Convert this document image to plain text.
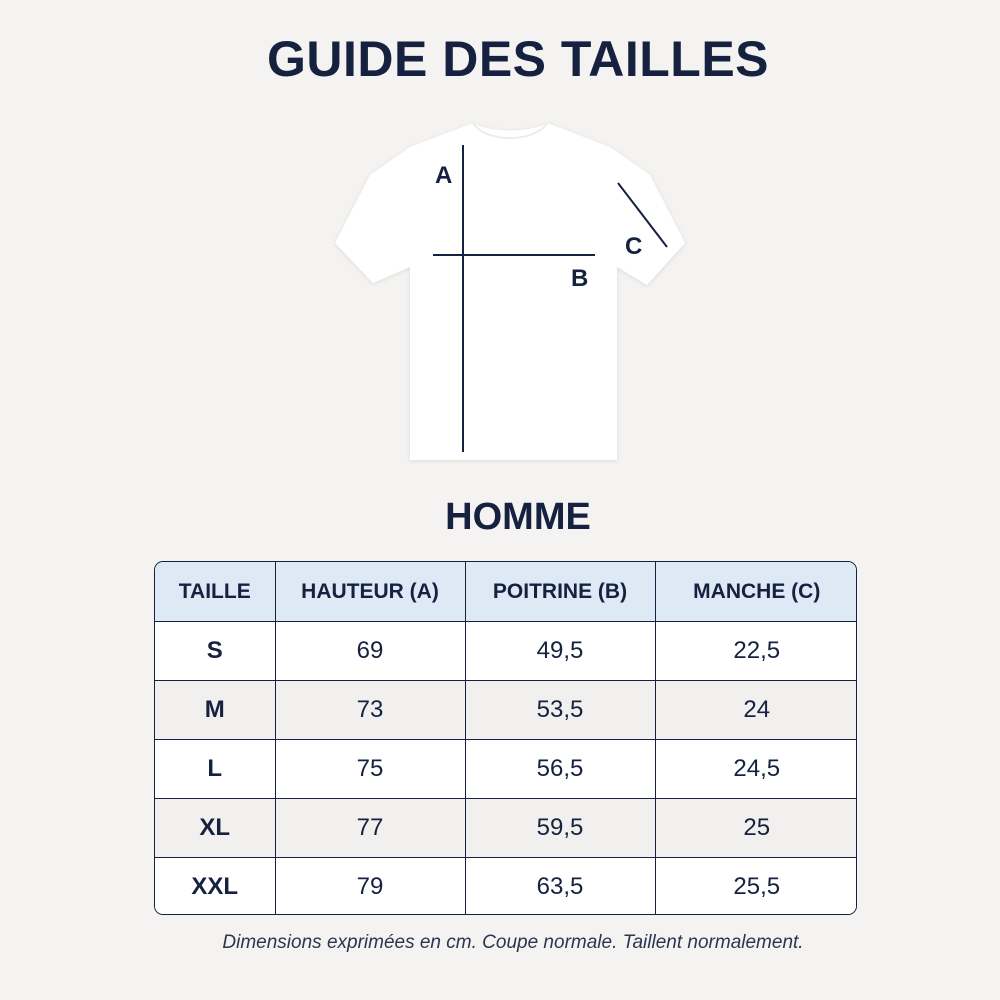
GUIDE DES TAILLES
A
B
C
HOMME
TAILLE	HAUTEUR (A)	POITRINE (B)	MANCHE (C)
S	69	49,5	22,5
M	73	53,5	24
L	75	56,5	24,5
XL	77	59,5	25
XXL	79	63,5	25,5
Dimensions exprimées en cm. Coupe normale. Taillent normalement.
